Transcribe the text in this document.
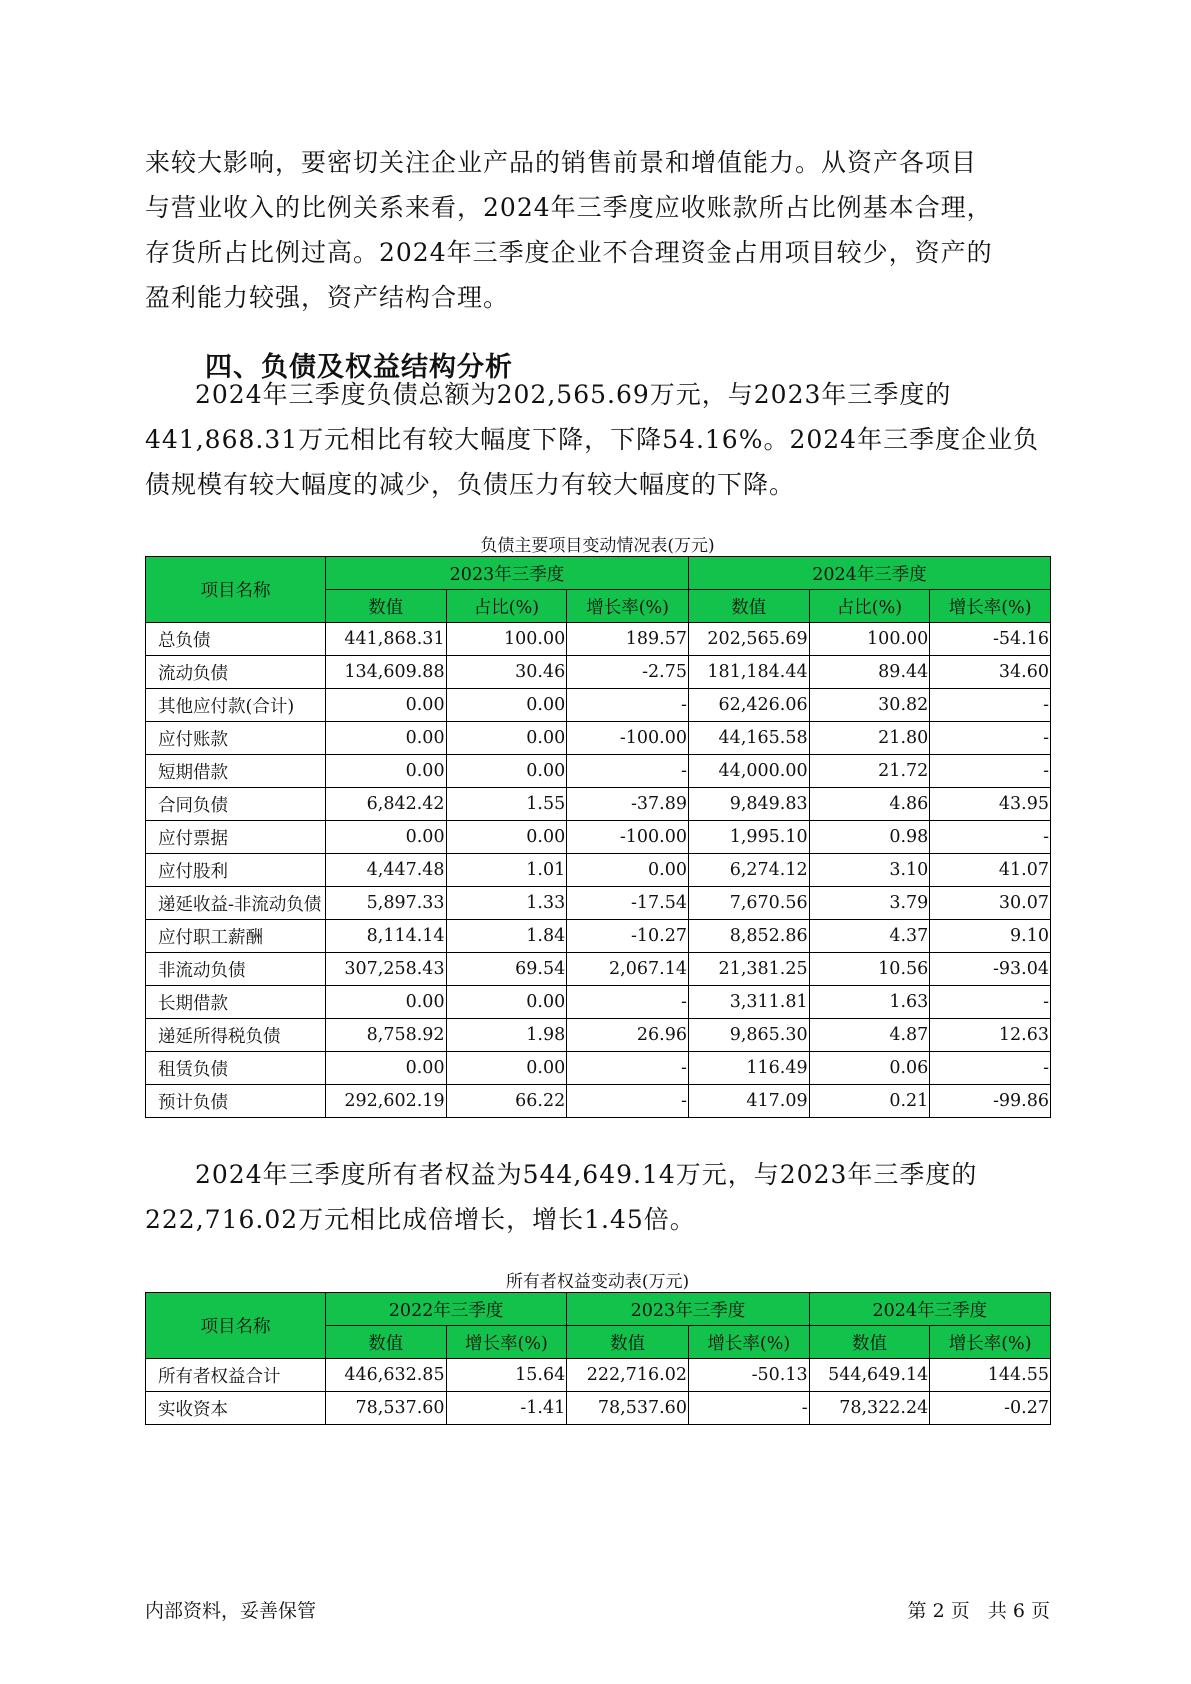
来较大影响，要密切关注企业产品的销售前景和增值能力。从资产各项目
与营业收入的比例关系来看，2024年三季度应收账款所占比例基本合理，
存货所占比例过高。2024年三季度企业不合理资金占用项目较少，资产的
盈利能力较强，资产结构合理。
四、负债及权益结构分析
2024年三季度负债总额为202,565.69万元，与2023年三季度的
441,868.31万元相比有较大幅度下降，下降54.16%。2024年三季度企业负
债规模有较大幅度的减少，负债压力有较大幅度的下降。
负债主要项目变动情况表(万元)
项目名称	2023年三季度			2024年三季度		
	数值	占比(%)	增长率(%)	数值	占比(%)	增长率(%)
总负债	441,868.31	100.00	189.57	202,565.69	100.00	-54.16
流动负债	134,609.88	30.46	-2.75	181,184.44	89.44	34.60
其他应付款(合计)	0.00	0.00	-	62,426.06	30.82	-
应付账款	0.00	0.00	-100.00	44,165.58	21.80	-
短期借款	0.00	0.00	-	44,000.00	21.72	-
合同负债	6,842.42	1.55	-37.89	9,849.83	4.86	43.95
应付票据	0.00	0.00	-100.00	1,995.10	0.98	-
应付股利	4,447.48	1.01	0.00	6,274.12	3.10	41.07
递延收益-非流动负债	5,897.33	1.33	-17.54	7,670.56	3.79	30.07
应付职工薪酬	8,114.14	1.84	-10.27	8,852.86	4.37	9.10
非流动负债	307,258.43	69.54	2,067.14	21,381.25	10.56	-93.04
长期借款	0.00	0.00	-	3,311.81	1.63	-
递延所得税负债	8,758.92	1.98	26.96	9,865.30	4.87	12.63
租赁负债	0.00	0.00	-	116.49	0.06	-
预计负债	292,602.19	66.22	-	417.09	0.21	-99.86
2024年三季度所有者权益为544,649.14万元，与2023年三季度的
222,716.02万元相比成倍增长，增长1.45倍。
所有者权益变动表(万元)
项目名称	2022年三季度		2023年三季度		2024年三季度	
	数值	增长率(%)	数值	增长率(%)	数值	增长率(%)
所有者权益合计	446,632.85	15.64	222,716.02	-50.13	544,649.14	144.55
实收资本	78,537.60	-1.41	78,537.60	-	78,322.24	-0.27
内部资料，妥善保管	第 2 页   共 6 页
